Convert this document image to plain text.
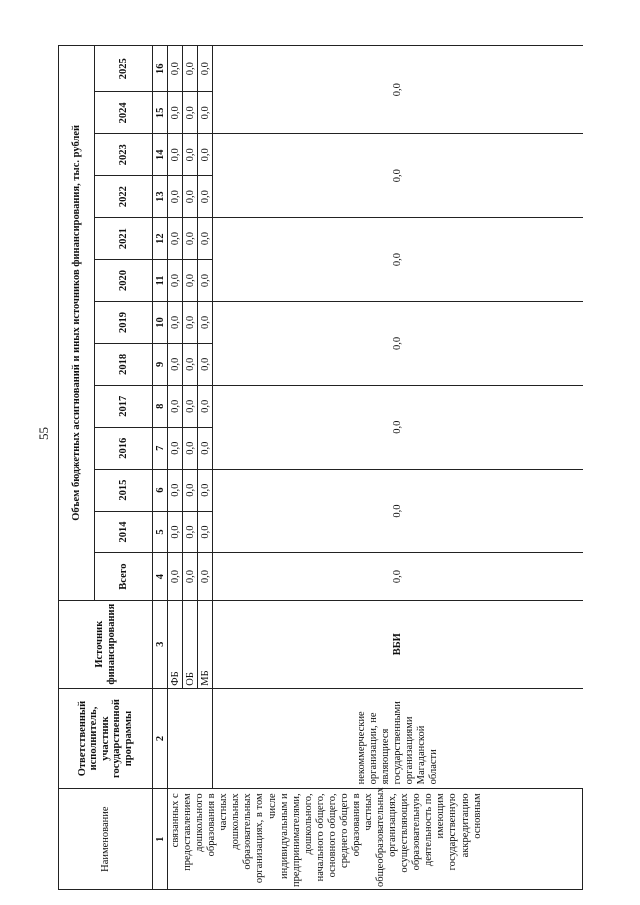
55
Наименование	Ответственный исполнитель, участник государственной программы	Источник финансирования	Объем бюджетных ассигнований и иных источников финансирования, тыс. рублей												
			Всего	2014	2015	2016	2017	2018	2019	2020	2021	2022	2023	2024	2025
1	2	3	4	5	6	7	8	9	10	11	12	13	14	15	16
связанных с предоставлением дошкольного образования в частных дошкольных образовательных организациях, в том числе индивидуальным и предпринимателями, дошкольного, начального общего, основного общего, среднего общего образования в частных общеобразовательных организациях, осуществляющих образовательную деятельность по имеющим государственную аккредитацию основным		ФБ	0,0	0,0	0,0	0,0	0,0	0,0	0,0	0,0	0,0	0,0	0,0	0,0	0,0
		ОБ	0,0	0,0	0,0	0,0	0,0	0,0	0,0	0,0	0,0	0,0	0,0	0,0	0,0
		МБ	0,0	0,0	0,0	0,0	0,0	0,0	0,0	0,0	0,0	0,0	0,0	0,0	0,0
	некоммерческие организации, не являющиеся государственными организациями Магаданской области	ВБИ	0,0	0,0		0,0		0,0		0,0		0,0		0,0	
